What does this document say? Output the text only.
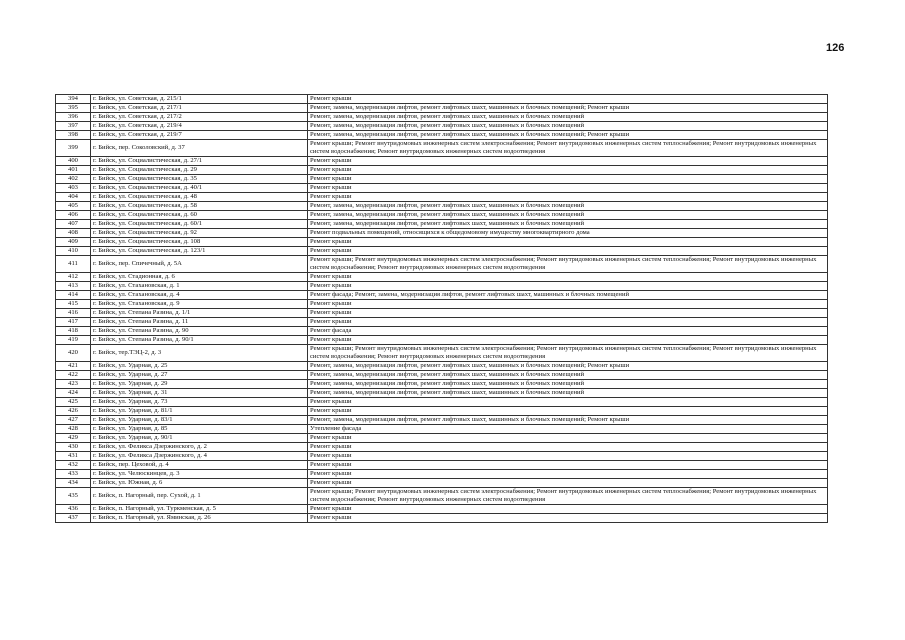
126
394	г. Бийск, ул. Советская, д. 215/1	Ремонт крыши
395	г. Бийск, ул. Советская, д. 217/1	Ремонт, замена, модернизация лифтов, ремонт лифтовых шахт, машинных и блочных помещений; Ремонт крыши
396	г. Бийск, ул. Советская, д. 217/2	Ремонт, замена, модернизация лифтов, ремонт лифтовых шахт, машинных и блочных помещений
397	г. Бийск, ул. Советская, д. 219/4	Ремонт, замена, модернизация лифтов, ремонт лифтовых шахт, машинных и блочных помещений
398	г. Бийск, ул. Советская, д. 219/7	Ремонт, замена, модернизация лифтов, ремонт лифтовых шахт, машинных и блочных помещений; Ремонт крыши
399	г. Бийск, пер. Соколовский, д. 37	Ремонт крыши; Ремонт внутридомовых инженерных систем электроснабжения; Ремонт внутридомовых инженерных систем теплоснабжения; Ремонт внутридомовых инженерных систем водоснабжения; Ремонт внутридомовых инженерных систем водоотведения
400	г. Бийск, ул. Социалистическая, д. 27/1	Ремонт крыши
401	г. Бийск, ул. Социалистическая, д. 29	Ремонт крыши
402	г. Бийск, ул. Социалистическая, д. 35	Ремонт крыши
403	г. Бийск, ул. Социалистическая, д. 40/1	Ремонт крыши
404	г. Бийск, ул. Социалистическая, д. 48	Ремонт крыши
405	г. Бийск, ул. Социалистическая, д. 58	Ремонт, замена, модернизация лифтов, ремонт лифтовых шахт, машинных и блочных помещений
406	г. Бийск, ул. Социалистическая, д. 60	Ремонт, замена, модернизация лифтов, ремонт лифтовых шахт, машинных и блочных помещений
407	г. Бийск, ул. Социалистическая, д. 60/1	Ремонт, замена, модернизация лифтов, ремонт лифтовых шахт, машинных и блочных помещений
408	г. Бийск, ул. Социалистическая, д. 92	Ремонт подвальных помещений, относящихся к общедомовому имуществу многоквартирного дома
409	г. Бийск, ул. Социалистическая, д. 108	Ремонт крыши
410	г. Бийск, ул. Социалистическая, д. 123/1	Ремонт крыши
411	г. Бийск, пер. Спичечный, д. 5А	Ремонт крыши; Ремонт внутридомовых инженерных систем электроснабжения; Ремонт внутридомовых инженерных систем теплоснабжения; Ремонт внутридомовых инженерных систем водоснабжения; Ремонт внутридомовых инженерных систем водоотведения
412	г. Бийск, ул. Стадионная, д. 6	Ремонт крыши
413	г. Бийск, ул. Стахановская, д. 1	Ремонт крыши
414	г. Бийск, ул. Стахановская, д. 4	Ремонт фасада; Ремонт, замена, модернизация лифтов, ремонт лифтовых шахт, машинных и блочных помещений
415	г. Бийск, ул. Стахановская, д. 9	Ремонт крыши
416	г. Бийск, ул. Степана Разина, д. 1/1	Ремонт крыши
417	г. Бийск, ул. Степана Разина, д. 11	Ремонт крыши
418	г. Бийск, ул. Степана Разина, д. 90	Ремонт фасада
419	г. Бийск, ул. Степана Разина, д. 90/1	Ремонт крыши
420	г. Бийск, тер.ТЭЦ-2, д. 3	Ремонт крыши; Ремонт внутридомовых инженерных систем электроснабжения; Ремонт внутридомовых инженерных систем теплоснабжения; Ремонт внутридомовых инженерных систем водоснабжения; Ремонт внутридомовых инженерных систем водоотведения
421	г. Бийск, ул. Ударная, д. 25	Ремонт, замена, модернизация лифтов, ремонт лифтовых шахт, машинных и блочных помещений; Ремонт крыши
422	г. Бийск, ул. Ударная, д. 27	Ремонт, замена, модернизация лифтов, ремонт лифтовых шахт, машинных и блочных помещений
423	г. Бийск, ул. Ударная, д. 29	Ремонт, замена, модернизация лифтов, ремонт лифтовых шахт, машинных и блочных помещений
424	г. Бийск, ул. Ударная, д. 31	Ремонт, замена, модернизация лифтов, ремонт лифтовых шахт, машинных и блочных помещений
425	г. Бийск, ул. Ударная, д. 73	Ремонт крыши
426	г. Бийск, ул. Ударная, д. 81/1	Ремонт крыши
427	г. Бийск, ул. Ударная, д. 83/1	Ремонт, замена, модернизация лифтов, ремонт лифтовых шахт, машинных и блочных помещений; Ремонт крыши
428	г. Бийск, ул. Ударная, д. 85	Утепление фасада
429	г. Бийск, ул. Ударная, д. 90/1	Ремонт крыши
430	г. Бийск, ул. Феликса Дзержинского, д. 2	Ремонт крыши
431	г. Бийск, ул. Феликса Дзержинского, д. 4	Ремонт крыши
432	г. Бийск, пер. Цеховой, д. 4	Ремонт крыши
433	г. Бийск, ул. Челюскинцев, д. 3	Ремонт крыши
434	г. Бийск, ул. Южная, д. 6	Ремонт крыши
435	г. Бийск, п. Нагорный, пер. Сухой, д. 1	Ремонт крыши; Ремонт внутридомовых инженерных систем электроснабжения; Ремонт внутридомовых инженерных систем теплоснабжения; Ремонт внутридомовых инженерных систем водоснабжения; Ремонт внутридомовых инженерных систем водоотведения
436	г. Бийск, п. Нагорный, ул. Туркменская, д. 5	Ремонт крыши
437	г. Бийск, п. Нагорный, ул. Яминская, д. 26	Ремонт крыши
